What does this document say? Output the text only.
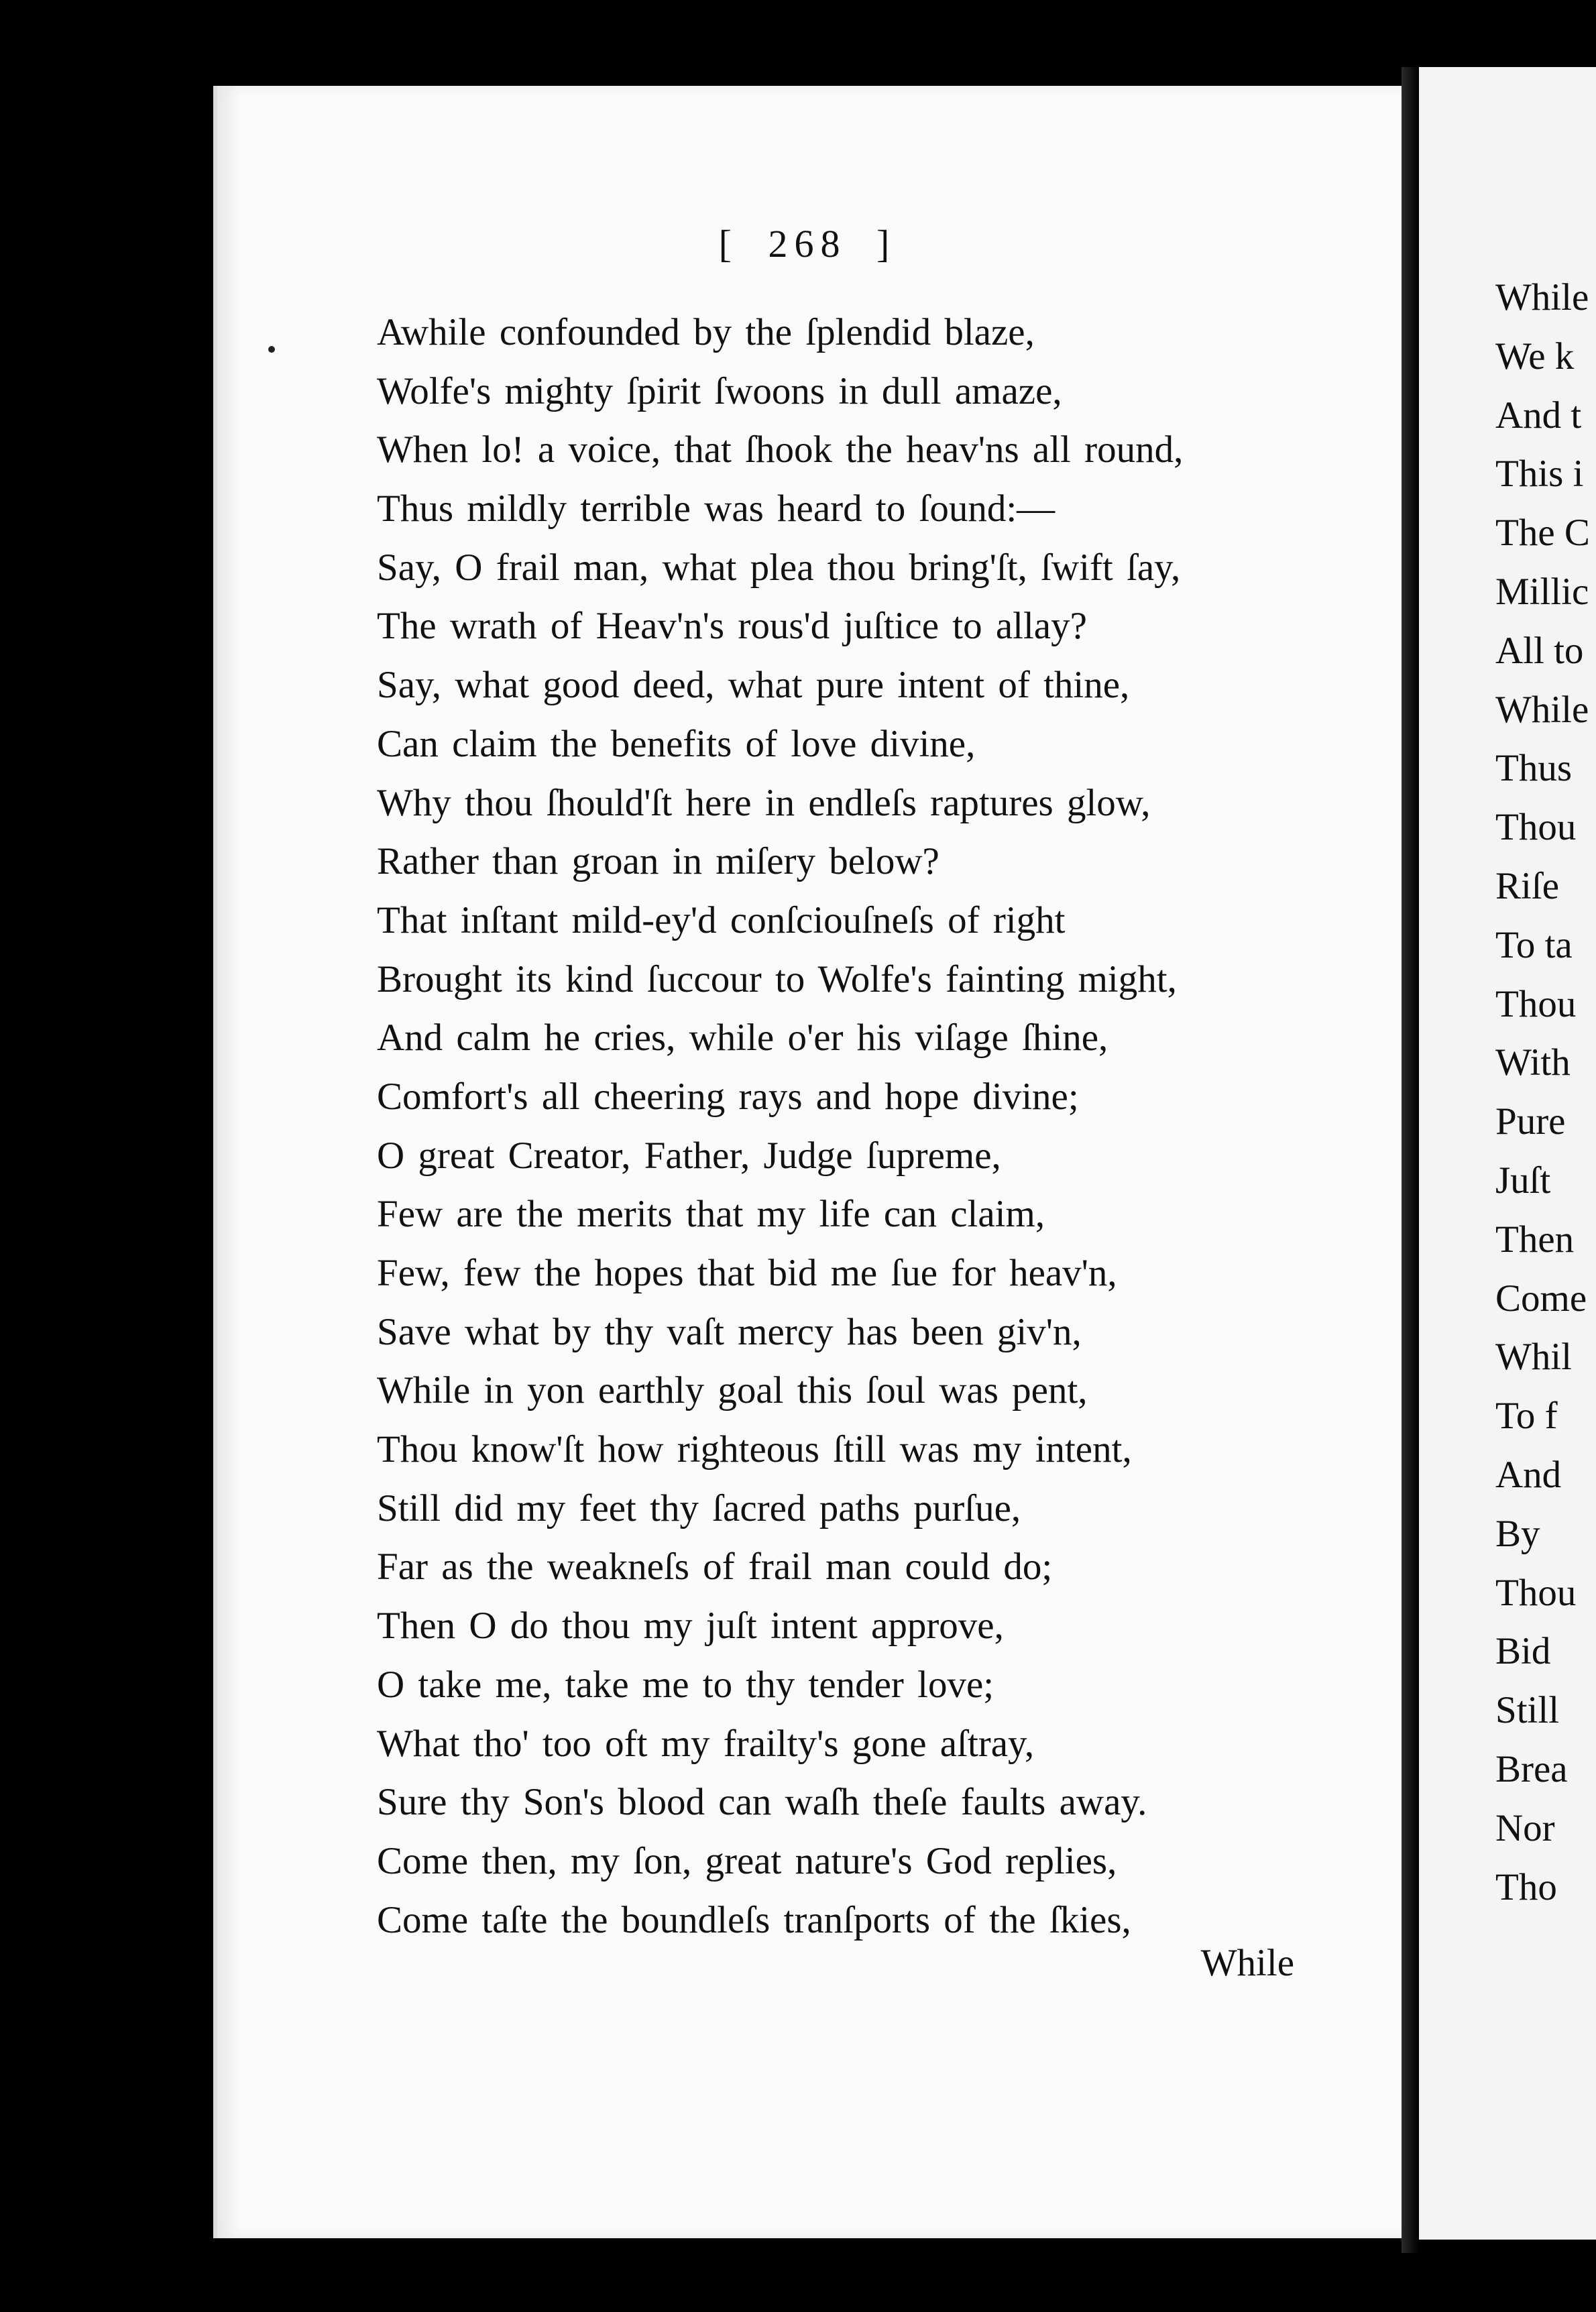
[ 268 ]
Awhile confounded by the ſplendid blaze,
Wolfe's mighty ſpirit ſwoons in dull amaze,
When lo! a voice, that ſhook the heav'ns all round,
Thus mildly terrible was heard to ſound:—
Say, O frail man, what plea thou bring'ſt, ſwift ſay,
The wrath of Heav'n's rous'd juſtice to allay?
Say, what good deed, what pure intent of thine,
Can claim the benefits of love divine,
Why thou ſhould'ſt here in endleſs raptures glow,
Rather than groan in miſery below?
That inſtant mild-ey'd conſciouſneſs of right
Brought its kind ſuccour to Wolfe's fainting might,
And calm he cries, while o'er his viſage ſhine,
Comfort's all cheering rays and hope divine;
O great Creator, Father, Judge ſupreme,
Few are the merits that my life can claim,
Few, few the hopes that bid me ſue for heav'n,
Save what by thy vaſt mercy has been giv'n,
While in yon earthly goal this ſoul was pent,
Thou know'ſt how righteous ſtill was my intent,
Still did my feet thy ſacred paths purſue,
Far as the weakneſs of frail man could do;
Then O do thou my juſt intent approve,
O take me, take me to thy tender love;
What tho' too oft my frailty's gone aſtray,
Sure thy Son's blood can waſh theſe faults away.
Come then, my ſon, great nature's God replies,
Come taſte the boundleſs tranſports of the ſkies,
While
While
We k
And t
This i
The C
Millic
All to
While
Thus
Thou
Riſe
To ta
Thou
With
Pure
Juſt
Then
Come
Whil
To f
And
By
Thou
Bid
Still
Brea
Nor
Tho
